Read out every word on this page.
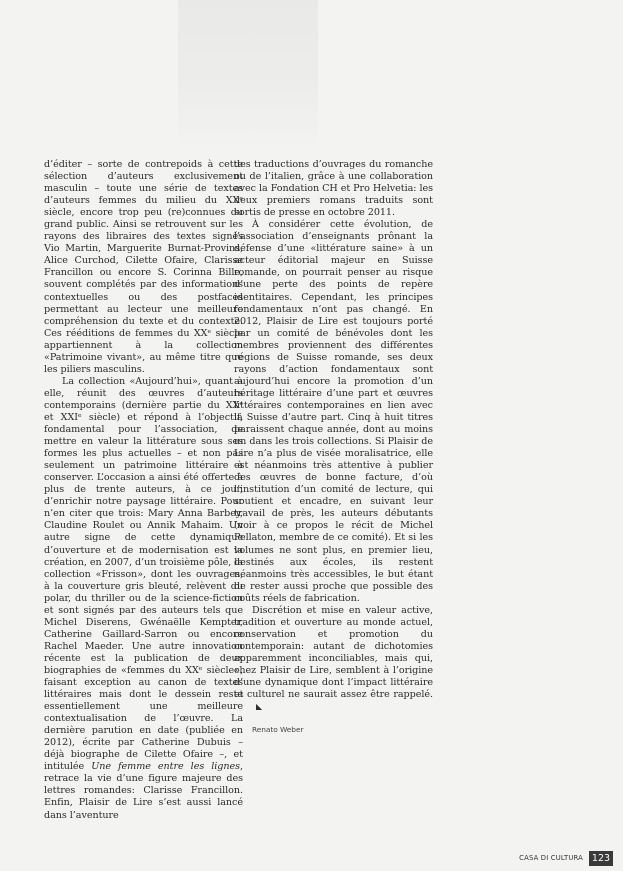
d’éditer – sorte de contrepoids à cette sélection d’auteurs exclusivement masculin – toute une série de textes d’auteurs femmes du milieu du XXᵉ siècle, encore trop peu (re)connues du grand public. Ainsi se retrouvent sur les rayons des libraires des textes signés Vio Martin, Marguerite Burnat-Provins, Alice Curchod, Cilette Ofaire, Clarisse Francillon ou encore S. Corinna Bille, souvent complétés par des informations contextuelles ou des postfaces permettant au lecteur une meilleure compréhension du texte et du contexte. Ces rééditions de femmes du XXᵉ siècle appartiennent à la collection «Patrimoine vivant», au même titre que les piliers masculins.

La collection «Aujourd’hui», quant à elle, réunit des œuvres d’auteurs contemporains (dernière partie du XXᵉ et XXIᵉ siècle) et répond à l’objectif, fondamental pour l’association, de mettre en valeur la littérature sous ses formes les plus actuelles – et non pas seulement un patrimoine littéraire à conserver. L’occasion a ainsi été offerte à plus de trente auteurs, à ce jour, d’enrichir notre paysage littéraire. Pour n’en citer que trois: Mary Anna Barbey, Claudine Roulet ou Annik Mahaim. Un autre signe de cette dynamique d’ouverture et de modernisation est la création, en 2007, d’un troisième pôle, la collection «Frisson», dont les ouvrages, à la couverture gris bleuté, relèvent du polar, du thriller ou de la science-fiction et sont signés par des auteurs tels que Michel Diserens, Gwénaëlle Kempter, Catherine Gaillard-Sarron ou encore Rachel Maeder. Une autre innovation récente est la publication de deux biographies de «femmes du XXᵉ siècle», faisant exception au canon de textes littéraires mais dont le dessein reste essentiellement une meilleure contextualisation de l’œuvre. La dernière parution en date (publiée en 2012), écrite par Catherine Dubuis – déjà biographe de Cilette Ofaire –, et intitulée Une femme entre les lignes, retrace la vie d’une figure majeure des lettres romandes: Clarisse Francillon. Enfin, Plaisir de Lire s’est aussi lancé dans l’aventure

des traductions d’ouvrages du romanche ou de l’italien, grâce à une collaboration avec la Fondation CH et Pro Helvetia: les deux premiers romans traduits sont sortis de presse en octobre 2011.

À considérer cette évolution, de l’association d’enseignants prônant la défense d’une «littérature saine» à un acteur éditorial majeur en Suisse romande, on pourrait penser au risque d’une perte des points de repère identitaires. Cependant, les principes fondamentaux n’ont pas changé. En 2012, Plaisir de Lire est toujours porté par un comité de bénévoles dont les membres proviennent des différentes régions de Suisse romande, ses deux rayons d’action fondamentaux sont aujourd’hui encore la promotion d’un héritage littéraire d’une part et œuvres littéraires contemporaines en lien avec la Suisse d’autre part. Cinq à huit titres paraissent chaque année, dont au moins un dans les trois collections. Si Plaisir de Lire n’a plus de visée moralisatrice, elle est néanmoins très attentive à publier des œuvres de bonne facture, d’où l’institution d’un comité de lecture, qui soutient et encadre, en suivant leur travail de près, les auteurs débutants (voir à ce propos le récit de Michel Pellaton, membre de ce comité). Et si les volumes ne sont plus, en premier lieu, destinés aux écoles, ils restent néanmoins très accessibles, le but étant de rester aussi proche que possible des coûts réels de fabrication.

Discrétion et mise en valeur active, tradition et ouverture au monde actuel, conservation et promotion du contemporain: autant de dichotomies apparemment inconciliables, mais qui, chez Plaisir de Lire, semblent à l’origine d’une dynamique dont l’impact littéraire et culturel ne saurait assez être rappelé.◣

Renato Weber
CASA DI CULTURA 123
